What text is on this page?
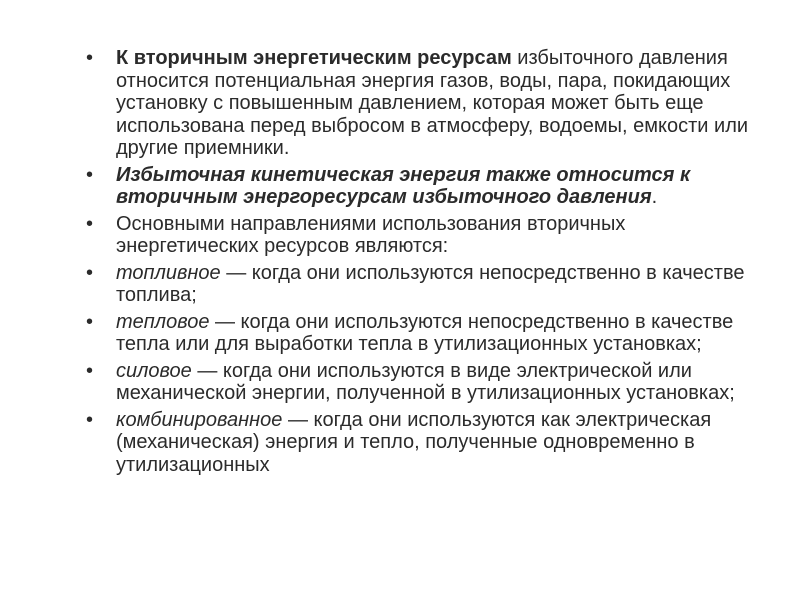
• К вторичным энергетическим ресурсам избыточного давления относится потенциальная энергия газов, воды, пара, покидающих установку с повышенным давлением, которая может быть еще использована перед выбросом в атмосферу, водоемы, емкости или другие приемники.
• Избыточная кинетическая энергия также относится к вторичным энергоресурсам избыточного давления.
• Основными направлениями использования вторичных энергетических ресурсов являются:
• топливное — когда они используются непосредственно в качестве топлива;
• тепловое — когда они используются непосредственно в качестве тепла или для выработки тепла в утилизационных установках;
• силовое — когда они используются в виде электрической или механической энергии, полученной в утилизационных установках;
• комбинированное — когда они используются как электрическая (механическая) энергия и тепло, полученные одновременно в утилизационных
